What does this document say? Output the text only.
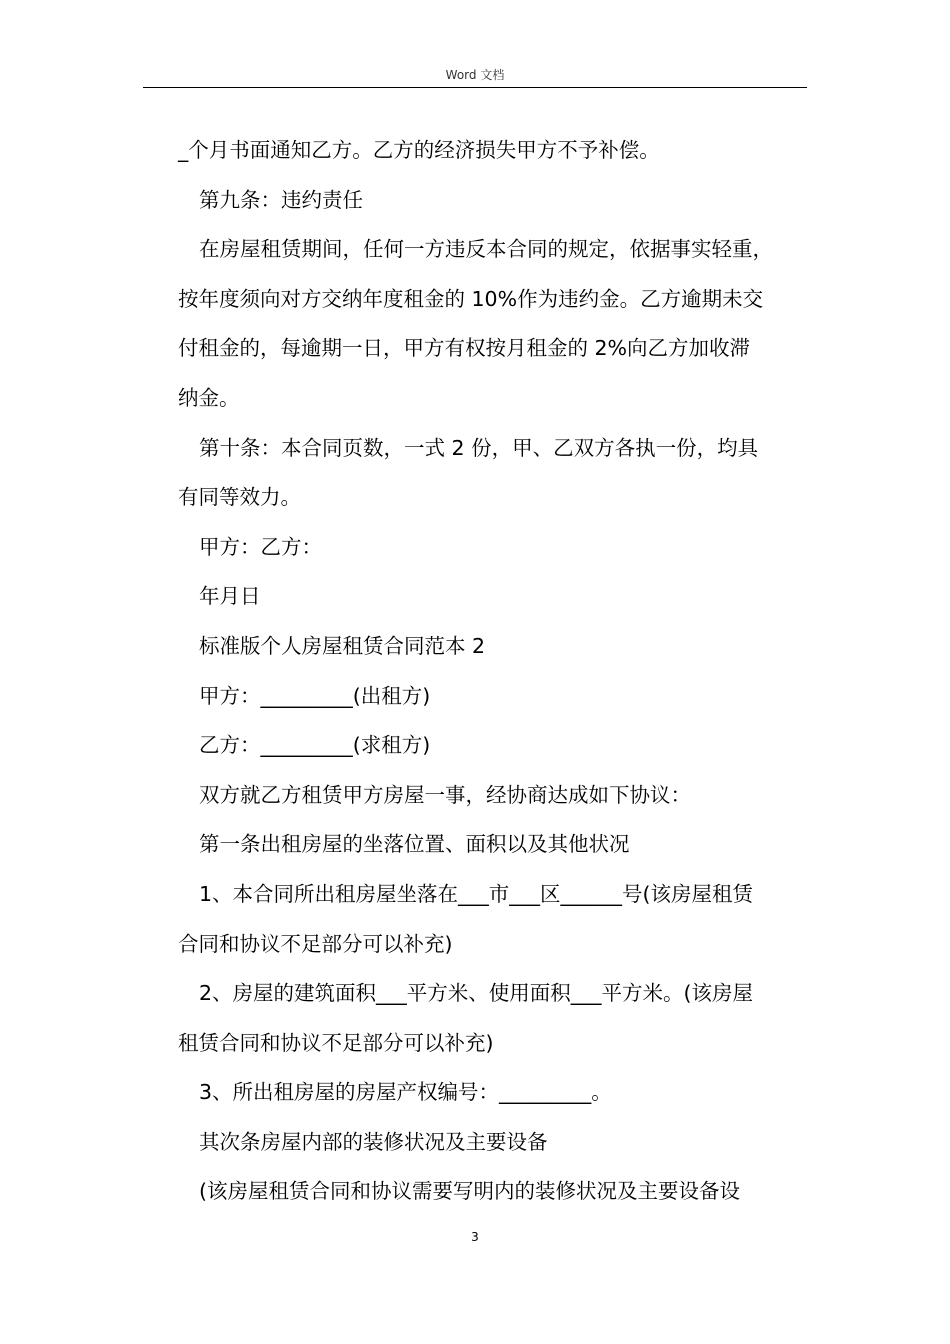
Word 文档
_个月书面通知乙方。乙方的经济损失甲方不予补偿。
第九条：违约责任
在房屋租赁期间，任何一方违反本合同的规定，依据事实轻重，
按年度须向对方交纳年度租金的 10%作为违约金。乙方逾期未交
付租金的，每逾期一日，甲方有权按月租金的 2%向乙方加收滞
纳金。
第十条：本合同页数，一式 2 份，甲、乙双方各执一份，均具
有同等效力。
甲方：乙方：
年月日
标准版个人房屋租赁合同范本 2
甲方：_________(出租方)
乙方：_________(求租方)
双方就乙方租赁甲方房屋一事，经协商达成如下协议：
第一条出租房屋的坐落位置、面积以及其他状况
1、本合同所出租房屋坐落在___市___区______号(该房屋租赁
合同和协议不足部分可以补充)
2、房屋的建筑面积___平方米、使用面积___平方米。(该房屋
租赁合同和协议不足部分可以补充)
3、所出租房屋的房屋产权编号：_________。
其次条房屋内部的装修状况及主要设备
(该房屋租赁合同和协议需要写明内的装修状况及主要设备设
3
